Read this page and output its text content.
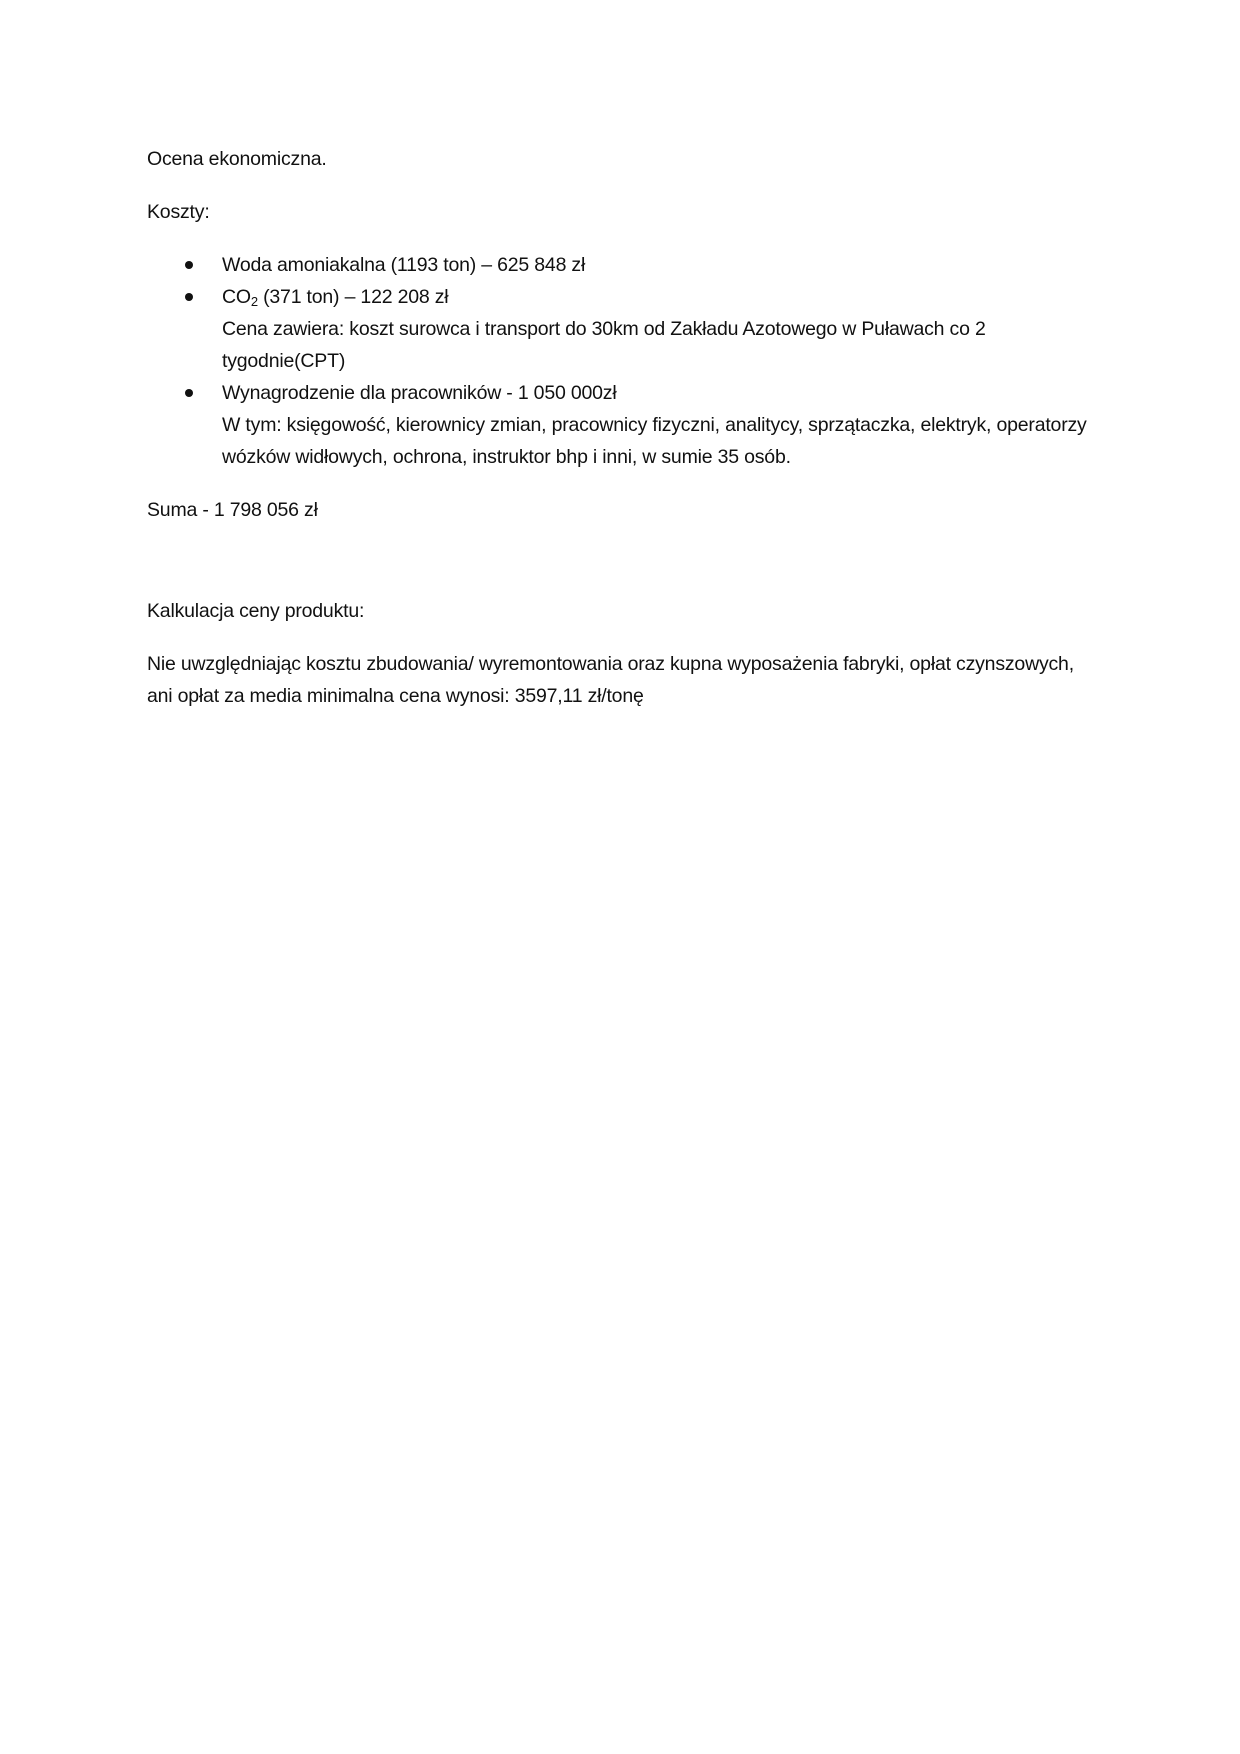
Ocena ekonomiczna.

Koszty:

Woda amoniakalna (1193 ton) – 625 848 zł
$CO_2$ (371 ton) – 122 208 zł
Cena zawiera: koszt surowca i transport do 30km od Zakładu Azotowego w Puławach co 2 tygodnie(CPT)
Wynagrodzenie dla pracowników - 1 050 000zł
W tym: księgowość, kierownicy zmian, pracownicy fizyczni, analitycy, sprzątaczka, elektryk, operatorzy wózków widłowych, ochrona, instruktor bhp i inni, w sumie 35 osób.

Suma - 1 798 056 zł

Kalkulacja ceny produktu:

Nie uwzględniając kosztu zbudowania/ wyremontowania oraz kupna wyposażenia fabryki, opłat czynszowych, ani opłat za media minimalna cena wynosi: 3597,11 zł/tonę
